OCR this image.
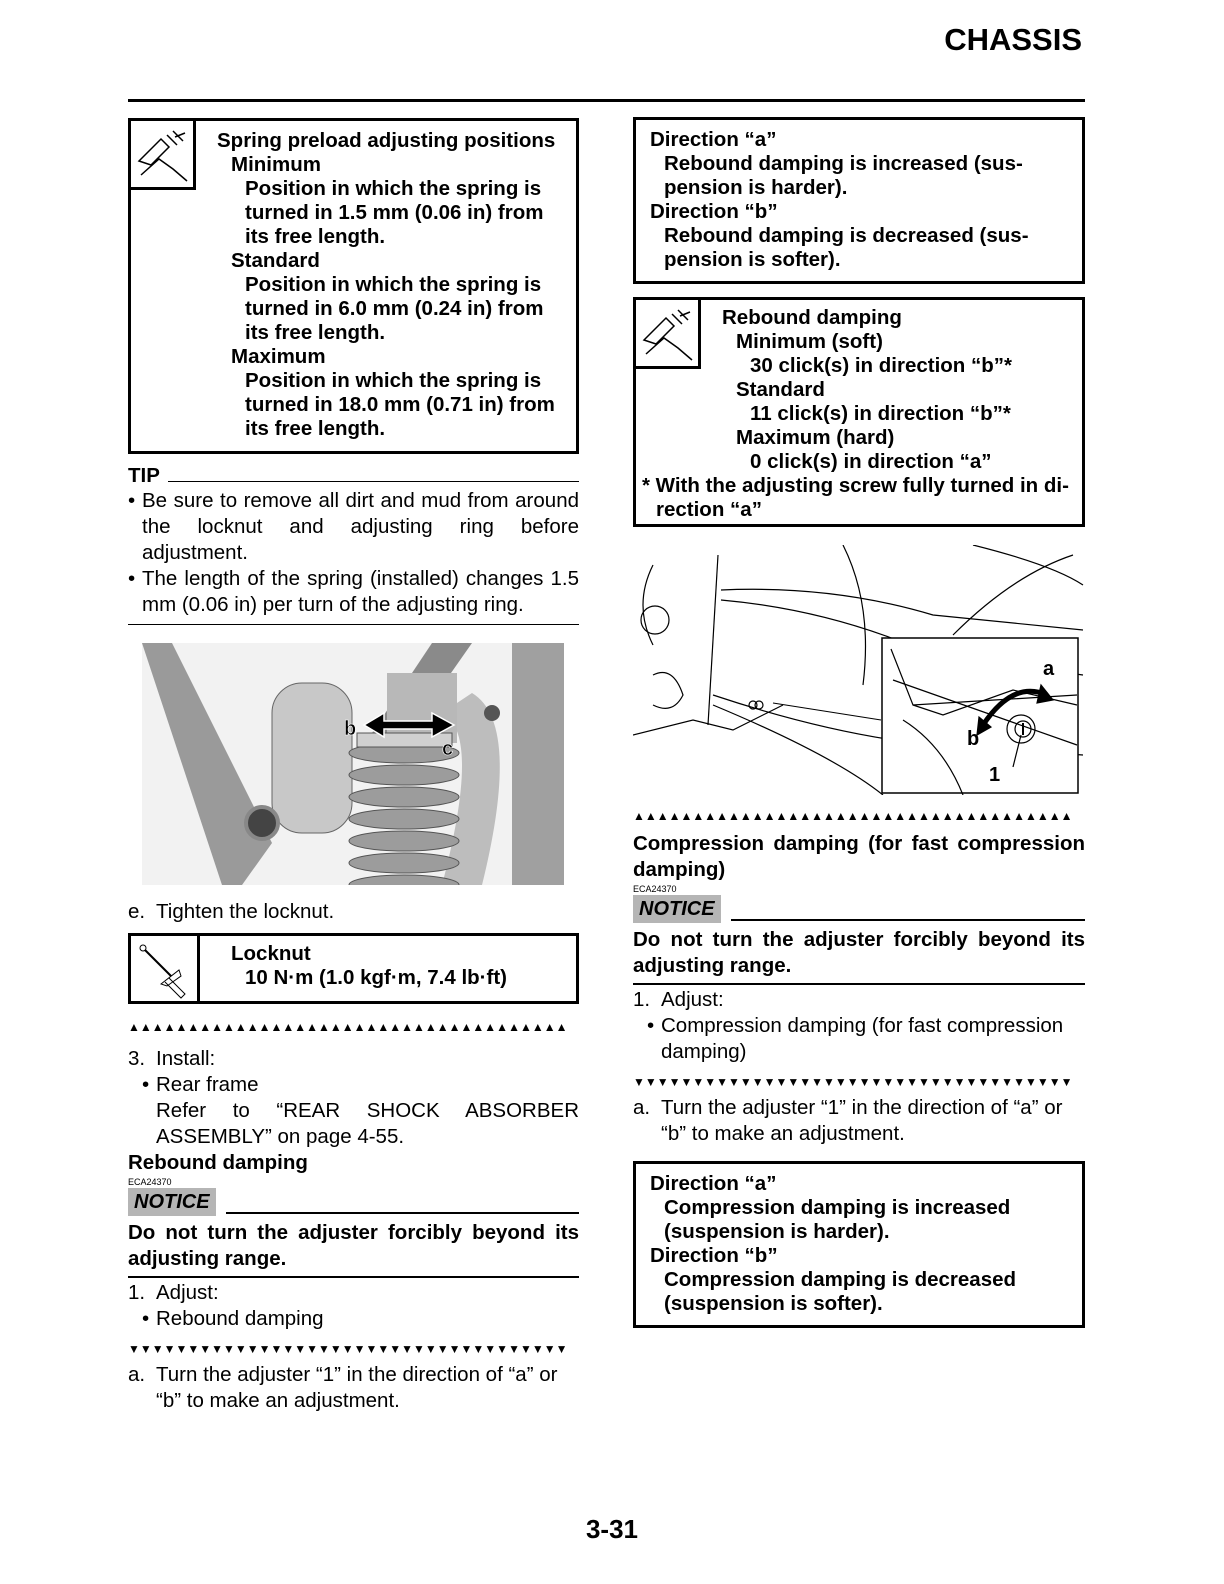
CHASSIS
Spring preload adjusting positions
Minimum
Position in which the spring is
turned in 1.5 mm (0.06 in) from
its free length.
Standard
Position in which the spring is
turned in 6.0 mm (0.24 in) from
its free length.
Maximum
Position in which the spring is
turned in 18.0 mm (0.71 in) from
its free length.
TIP
• Be sure to remove all dirt and mud from around the locknut and adjusting ring before adjustment.
• The length of the spring (installed) changes 1.5 mm (0.06 in) per turn of the adjusting ring.
b
c
e. Tighten the locknut.
Locknut
10 N·m (1.0 kgf·m, 7.4 lb·ft)
▲▲▲▲▲▲▲▲▲▲▲▲▲▲▲▲▲▲▲▲▲▲▲▲▲▲▲▲▲▲▲▲▲▲▲▲▲
3. Install:
• Rear frame
Refer to “REAR SHOCK ABSORBER ASSEMBLY” on page 4-55.
Rebound damping
ECA24370
NOTICE
Do not turn the adjuster forcibly beyond its adjusting range.
1. Adjust:
• Rebound damping
▼▼▼▼▼▼▼▼▼▼▼▼▼▼▼▼▼▼▼▼▼▼▼▼▼▼▼▼▼▼▼▼▼▼▼▼▼
a. Turn the adjuster “1” in the direction of “a” or “b” to make an adjustment.
Direction “a”
Rebound damping is increased (sus-
pension is harder).
Direction “b”
Rebound damping is decreased (sus-
pension is softer).
Rebound damping
Minimum (soft)
30 click(s) in direction “b”*
Standard
11 click(s) in direction “b”*
Maximum (hard)
0 click(s) in direction “a”
* With the adjusting screw fully turned in di-
rection “a”
a
b
1
▲▲▲▲▲▲▲▲▲▲▲▲▲▲▲▲▲▲▲▲▲▲▲▲▲▲▲▲▲▲▲▲▲▲▲▲▲
Compression damping (for fast compression damping)
ECA24370
NOTICE
Do not turn the adjuster forcibly beyond its adjusting range.
1. Adjust:
• Compression damping (for fast compression damping)
▼▼▼▼▼▼▼▼▼▼▼▼▼▼▼▼▼▼▼▼▼▼▼▼▼▼▼▼▼▼▼▼▼▼▼▼▼
a. Turn the adjuster “1” in the direction of “a” or “b” to make an adjustment.
Direction “a”
Compression damping is increased
(suspension is harder).
Direction “b”
Compression damping is decreased
(suspension is softer).
3-31
